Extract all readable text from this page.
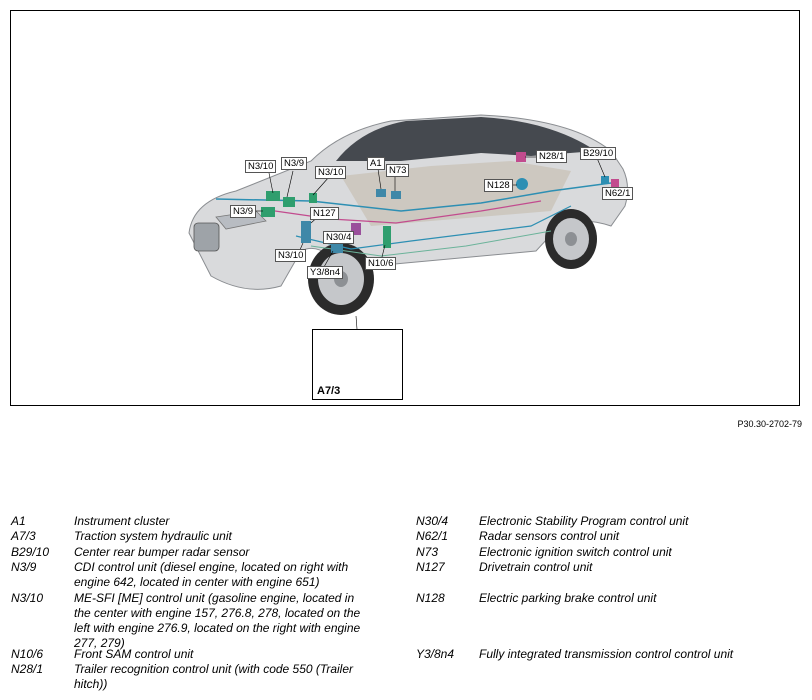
N3/10	N3/9
N3/10
N3/9	N127
N30/4
N3/10
Y3/8n4
N10/6
A1
N73
N28/1
N128
B29/10
N62/1
A7/3
P30.30-2702-79
A1	Instrument cluster
A7/3	Traction system hydraulic unit
B29/10 Center rear bumper radar sensor
N3/9	CDI control unit (diesel engine, located on right with
engine 642, located in center with engine 651)
N3/10	ME-SFI [ME] control unit (gasoline engine, located in
the center with engine 157, 276.8, 278, located on the
left with engine 276.9, located on the right with engine
277, 279)
N10/6	Front SAM control unit
N28/1	Trailer recognition control unit (with code 550 (Trailer
hitch))
N30/4	Electronic Stability Program control unit
N62/1	Radar sensors control unit
N73	Electronic ignition switch control unit
N127	Drivetrain control unit
N128	Electric parking brake control unit
Y3/8n4 Fully integrated transmission control control unit
